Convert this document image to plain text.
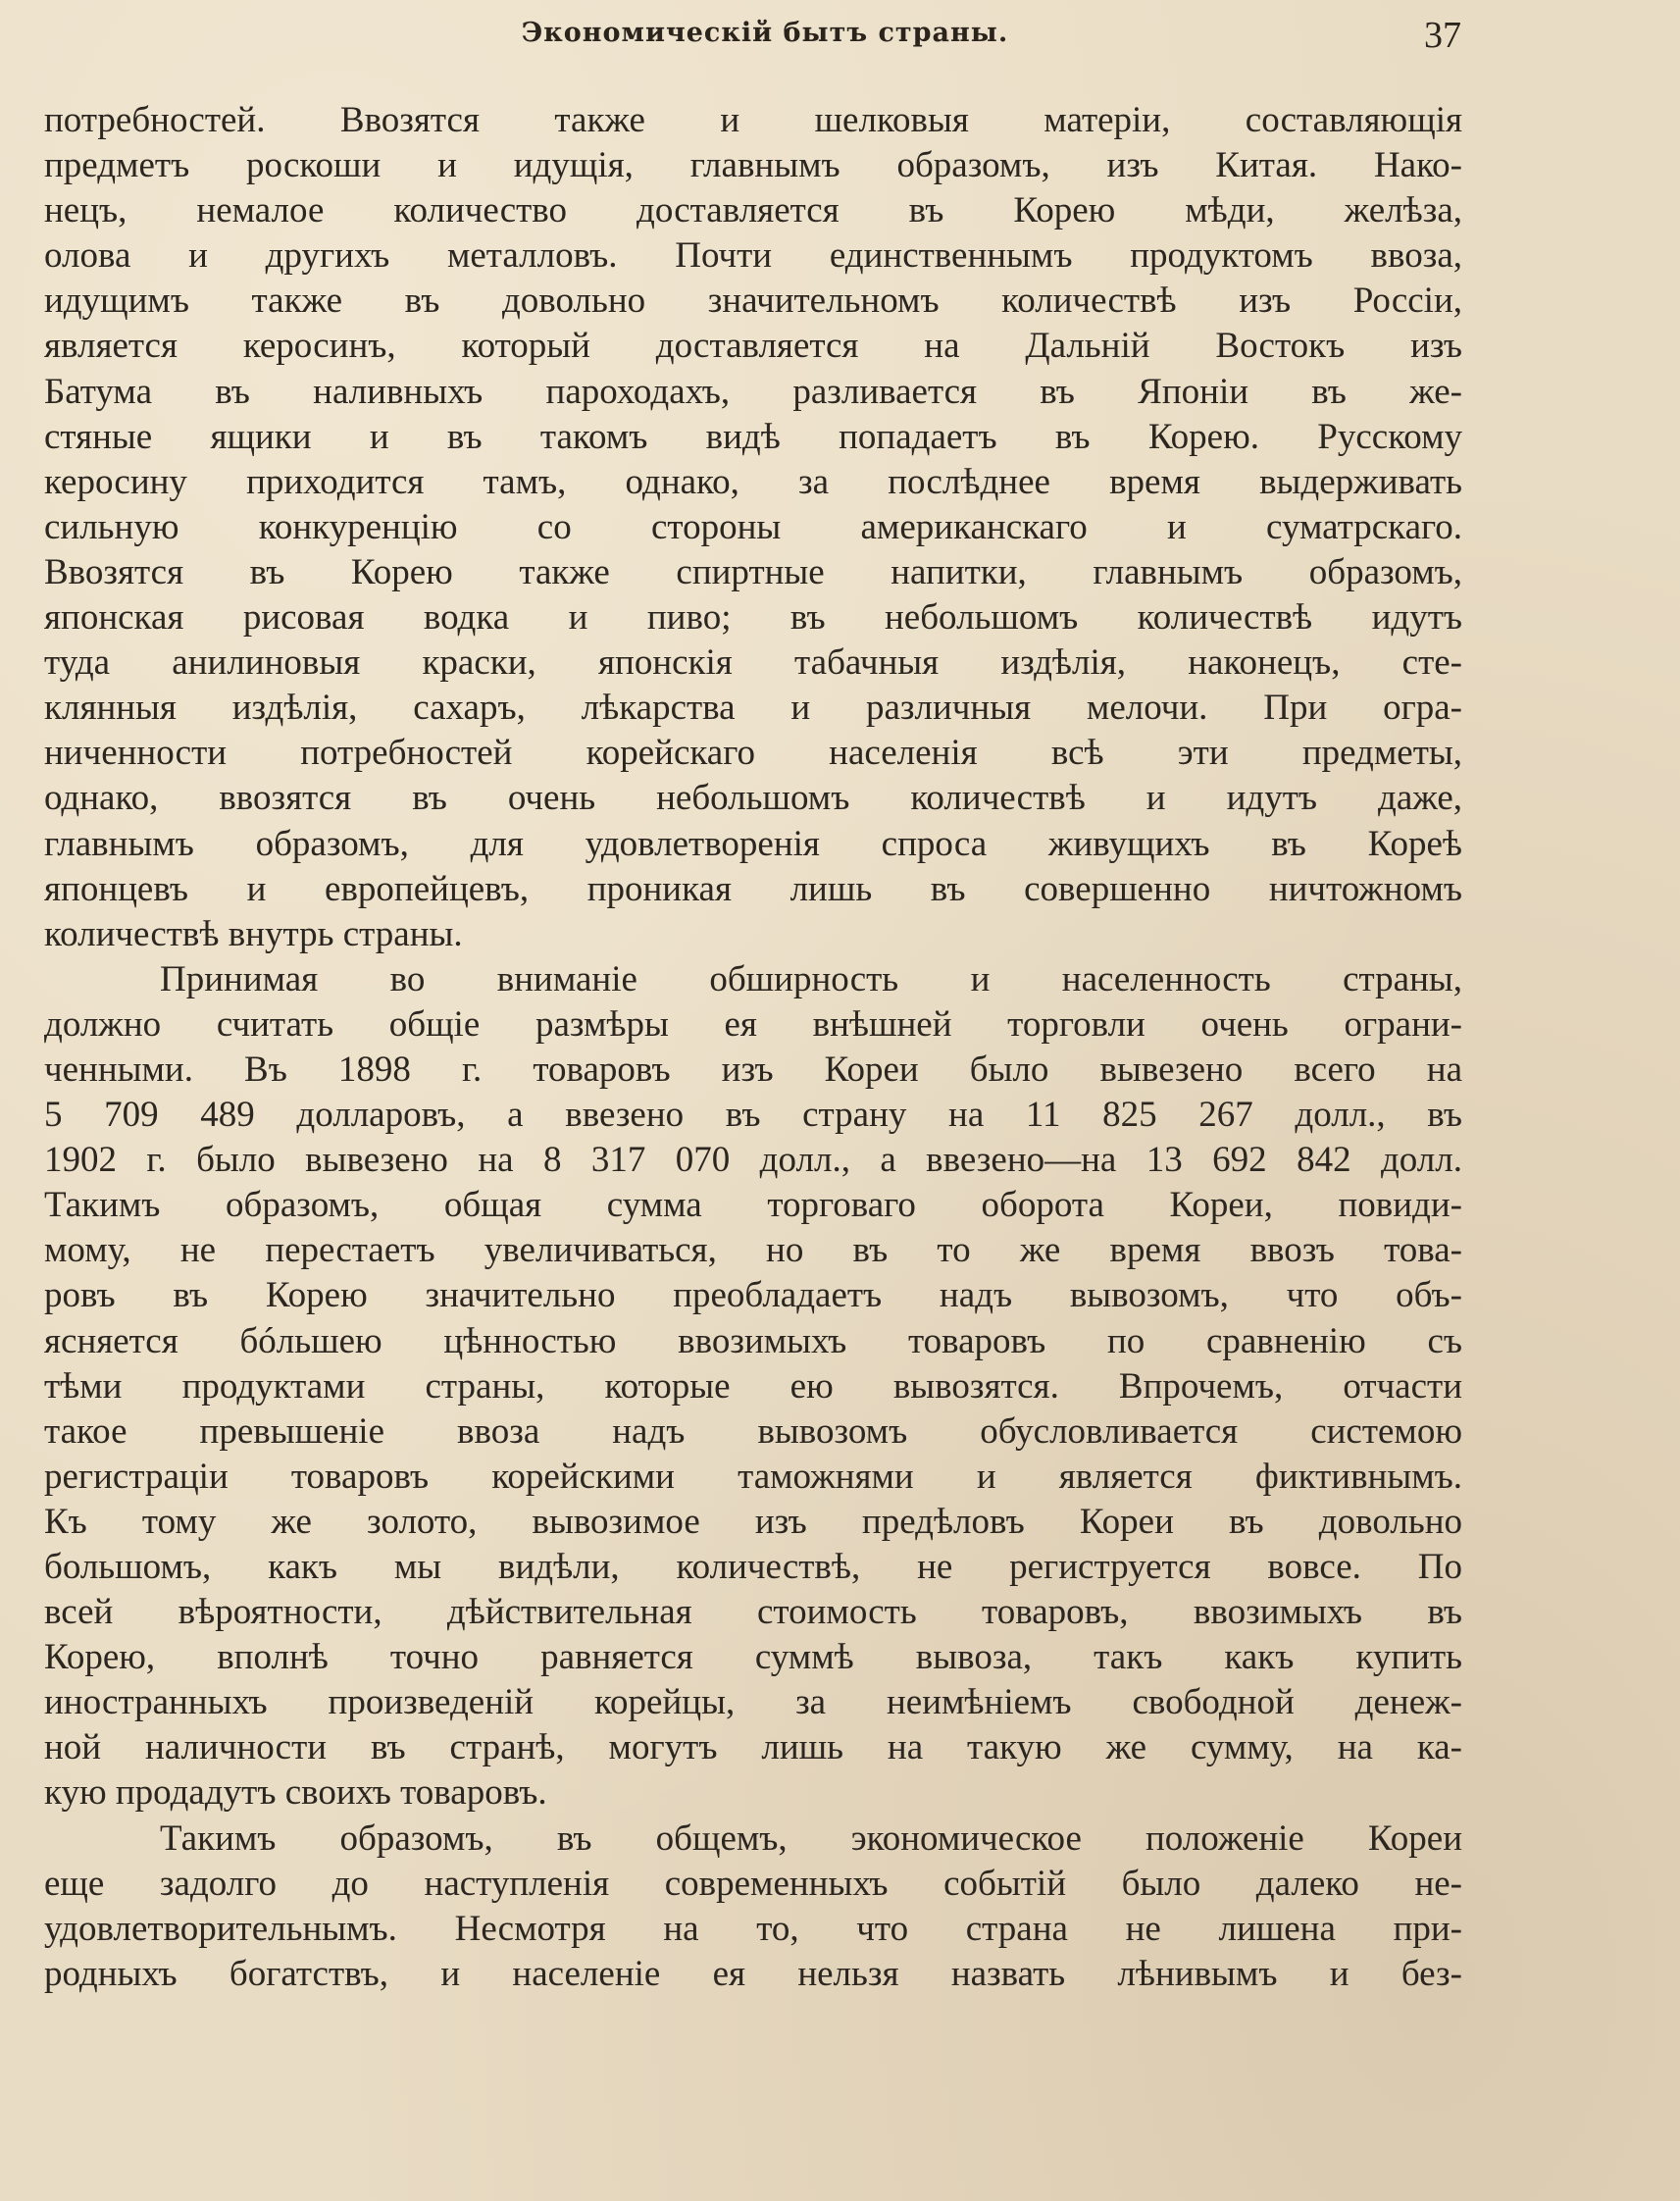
Экономическій бытъ страны.	37
потребностей. Ввозятся также и шелковыя матеріи, составляющія
предметъ роскоши и идущія, главнымъ образомъ, изъ Китая. Нако-
нецъ, немалое количество доставляется въ Корею мѣди, желѣза,
олова и другихъ металловъ. Почти единственнымъ продуктомъ ввоза,
идущимъ также въ довольно значительномъ количествѣ изъ Россіи,
является керосинъ, который доставляется на Дальній Востокъ изъ
Батума въ наливныхъ пароходахъ, разливается въ Японіи въ же-
стяные ящики и въ такомъ видѣ попадаетъ въ Корею. Русскому
керосину приходится тамъ, однако, за послѣднее время выдерживать
сильную конкуренцію со стороны американскаго и суматрскаго.
Ввозятся въ Корею также спиртные напитки, главнымъ образомъ,
японская рисовая водка и пиво; въ небольшомъ количествѣ идутъ
туда анилиновыя краски, японскія табачныя издѣлія, наконецъ, сте-
клянныя издѣлія, сахаръ, лѣкарства и различныя мелочи. При огра-
ниченности потребностей корейскаго населенія всѣ эти предметы,
однако, ввозятся въ очень небольшомъ количествѣ и идутъ даже,
главнымъ образомъ, для удовлетворенія спроса живущихъ въ Кореѣ
японцевъ и европейцевъ, проникая лишь въ совершенно ничтожномъ
количествѣ внутрь страны.
Принимая во вниманіе обширность и населенность страны,
должно считать общіе размѣры ея внѣшней торговли очень ограни-
ченными. Въ 1898 г. товаровъ изъ Кореи было вывезено всего на
5 709 489 долларовъ, а ввезено въ страну на 11 825 267 долл., въ
1902 г. было вывезено на 8 317 070 долл., а ввезено—на 13 692 842 долл.
Такимъ образомъ, общая сумма торговаго оборота Кореи, повиди-
мому, не перестаетъ увеличиваться, но въ то же время ввозъ това-
ровъ въ Корею значительно преобладаетъ надъ вывозомъ, что объ-
ясняется бóльшею цѣнностью ввозимыхъ товаровъ по сравненію съ
тѣми продуктами страны, которые ею вывозятся. Впрочемъ, отчасти
такое превышеніе ввоза надъ вывозомъ обусловливается системою
регистраціи товаровъ корейскими таможнями и является фиктивнымъ.
Къ тому же золото, вывозимое изъ предѣловъ Кореи въ довольно
большомъ, какъ мы видѣли, количествѣ, не региструется вовсе. По
всей вѣроятности, дѣйствительная стоимость товаровъ, ввозимыхъ въ
Корею, вполнѣ точно равняется суммѣ вывоза, такъ какъ купить
иностранныхъ произведеній корейцы, за неимѣніемъ свободной денеж-
ной наличности въ странѣ, могутъ лишь на такую же сумму, на ка-
кую продадутъ своихъ товаровъ.
Такимъ образомъ, въ общемъ, экономическое положеніе Кореи
еще задолго до наступленія современныхъ событій было далеко не-
удовлетворительнымъ. Несмотря на то, что страна не лишена при-
родныхъ богатствъ, и населеніе ея нельзя назвать лѣнивымъ и без-
